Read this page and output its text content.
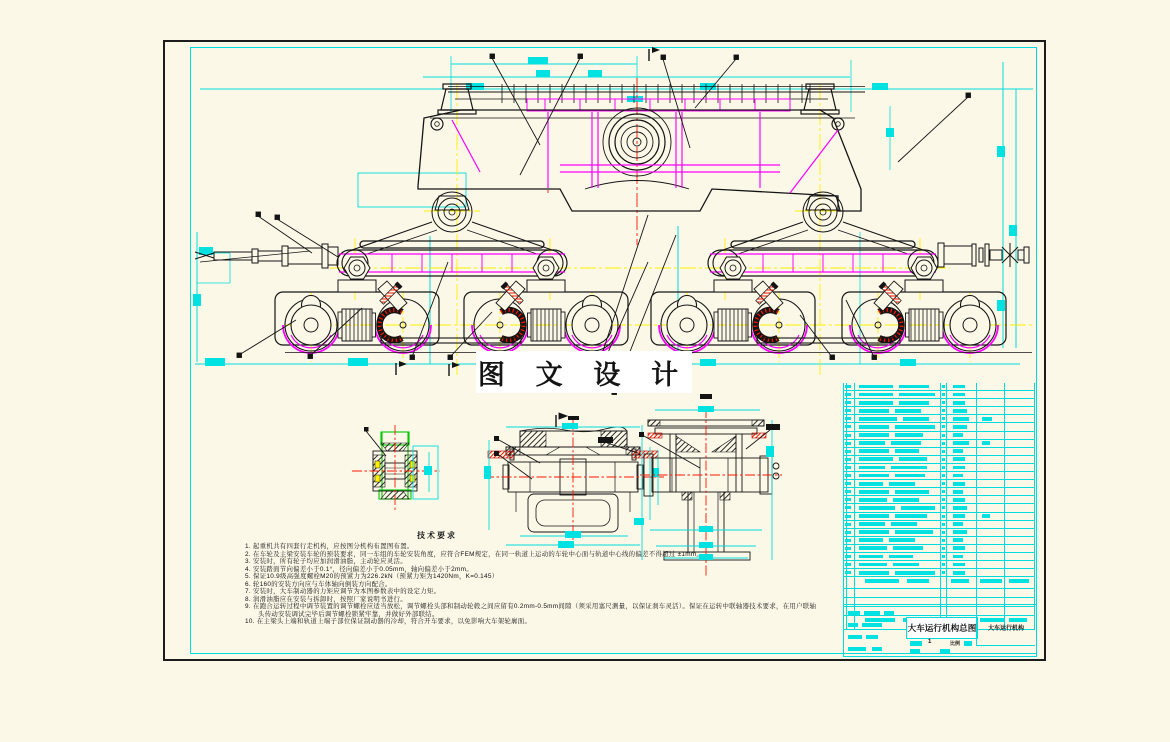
图 文 设 计
技术要求
1. 起重机共有四套行走机构，应按图分机构布置图布置。
2. 在车轮及主梁安装车轮的预装要求，同一车组的车轮安装角度，应符合FEM规定，在同一轨道上运动的车轮中心面与轨道中心线的偏差不得超过 ±1mm。
3. 安装时，所有轮子均应加润滑油脂，主动轮应灵活。
4. 安装踏面节向偏差小于0.1°，径向偏差小于0.05mm，轴向偏差小于2mm。
5. 保证10.9级高强度螺栓M20的预紧力为226.2kN（预紧力矩为1420Nm，K=0.145）
6. 轮160的安装方向应与车体轴向倒装方向配合。
7. 安装时，大车制动器的力矩应调节为本图参数表中的设定力矩。
8. 润滑油脂应在安装与拆卸时，按照厂家说明书进行。
9. 在跑合运转过程中调节装置的调节螺栓应适当放松，调节螺栓头部和制动轮毂之间应留有0.2mm-0.5mm间隙（须采用塞尺测量，以保证刹车灵活）。保证在运转中联轴器技术要求，在用户联轴头传动安装调试完毕后调节螺栓锁紧牢靠，并做好外部联结。
10. 在主梁头上端和轨道上端子部位保证制动器的冷却，符合开车要求，以免影响大车架轮廓面。
大车运行机构总图	大车运行机构
1	比例
